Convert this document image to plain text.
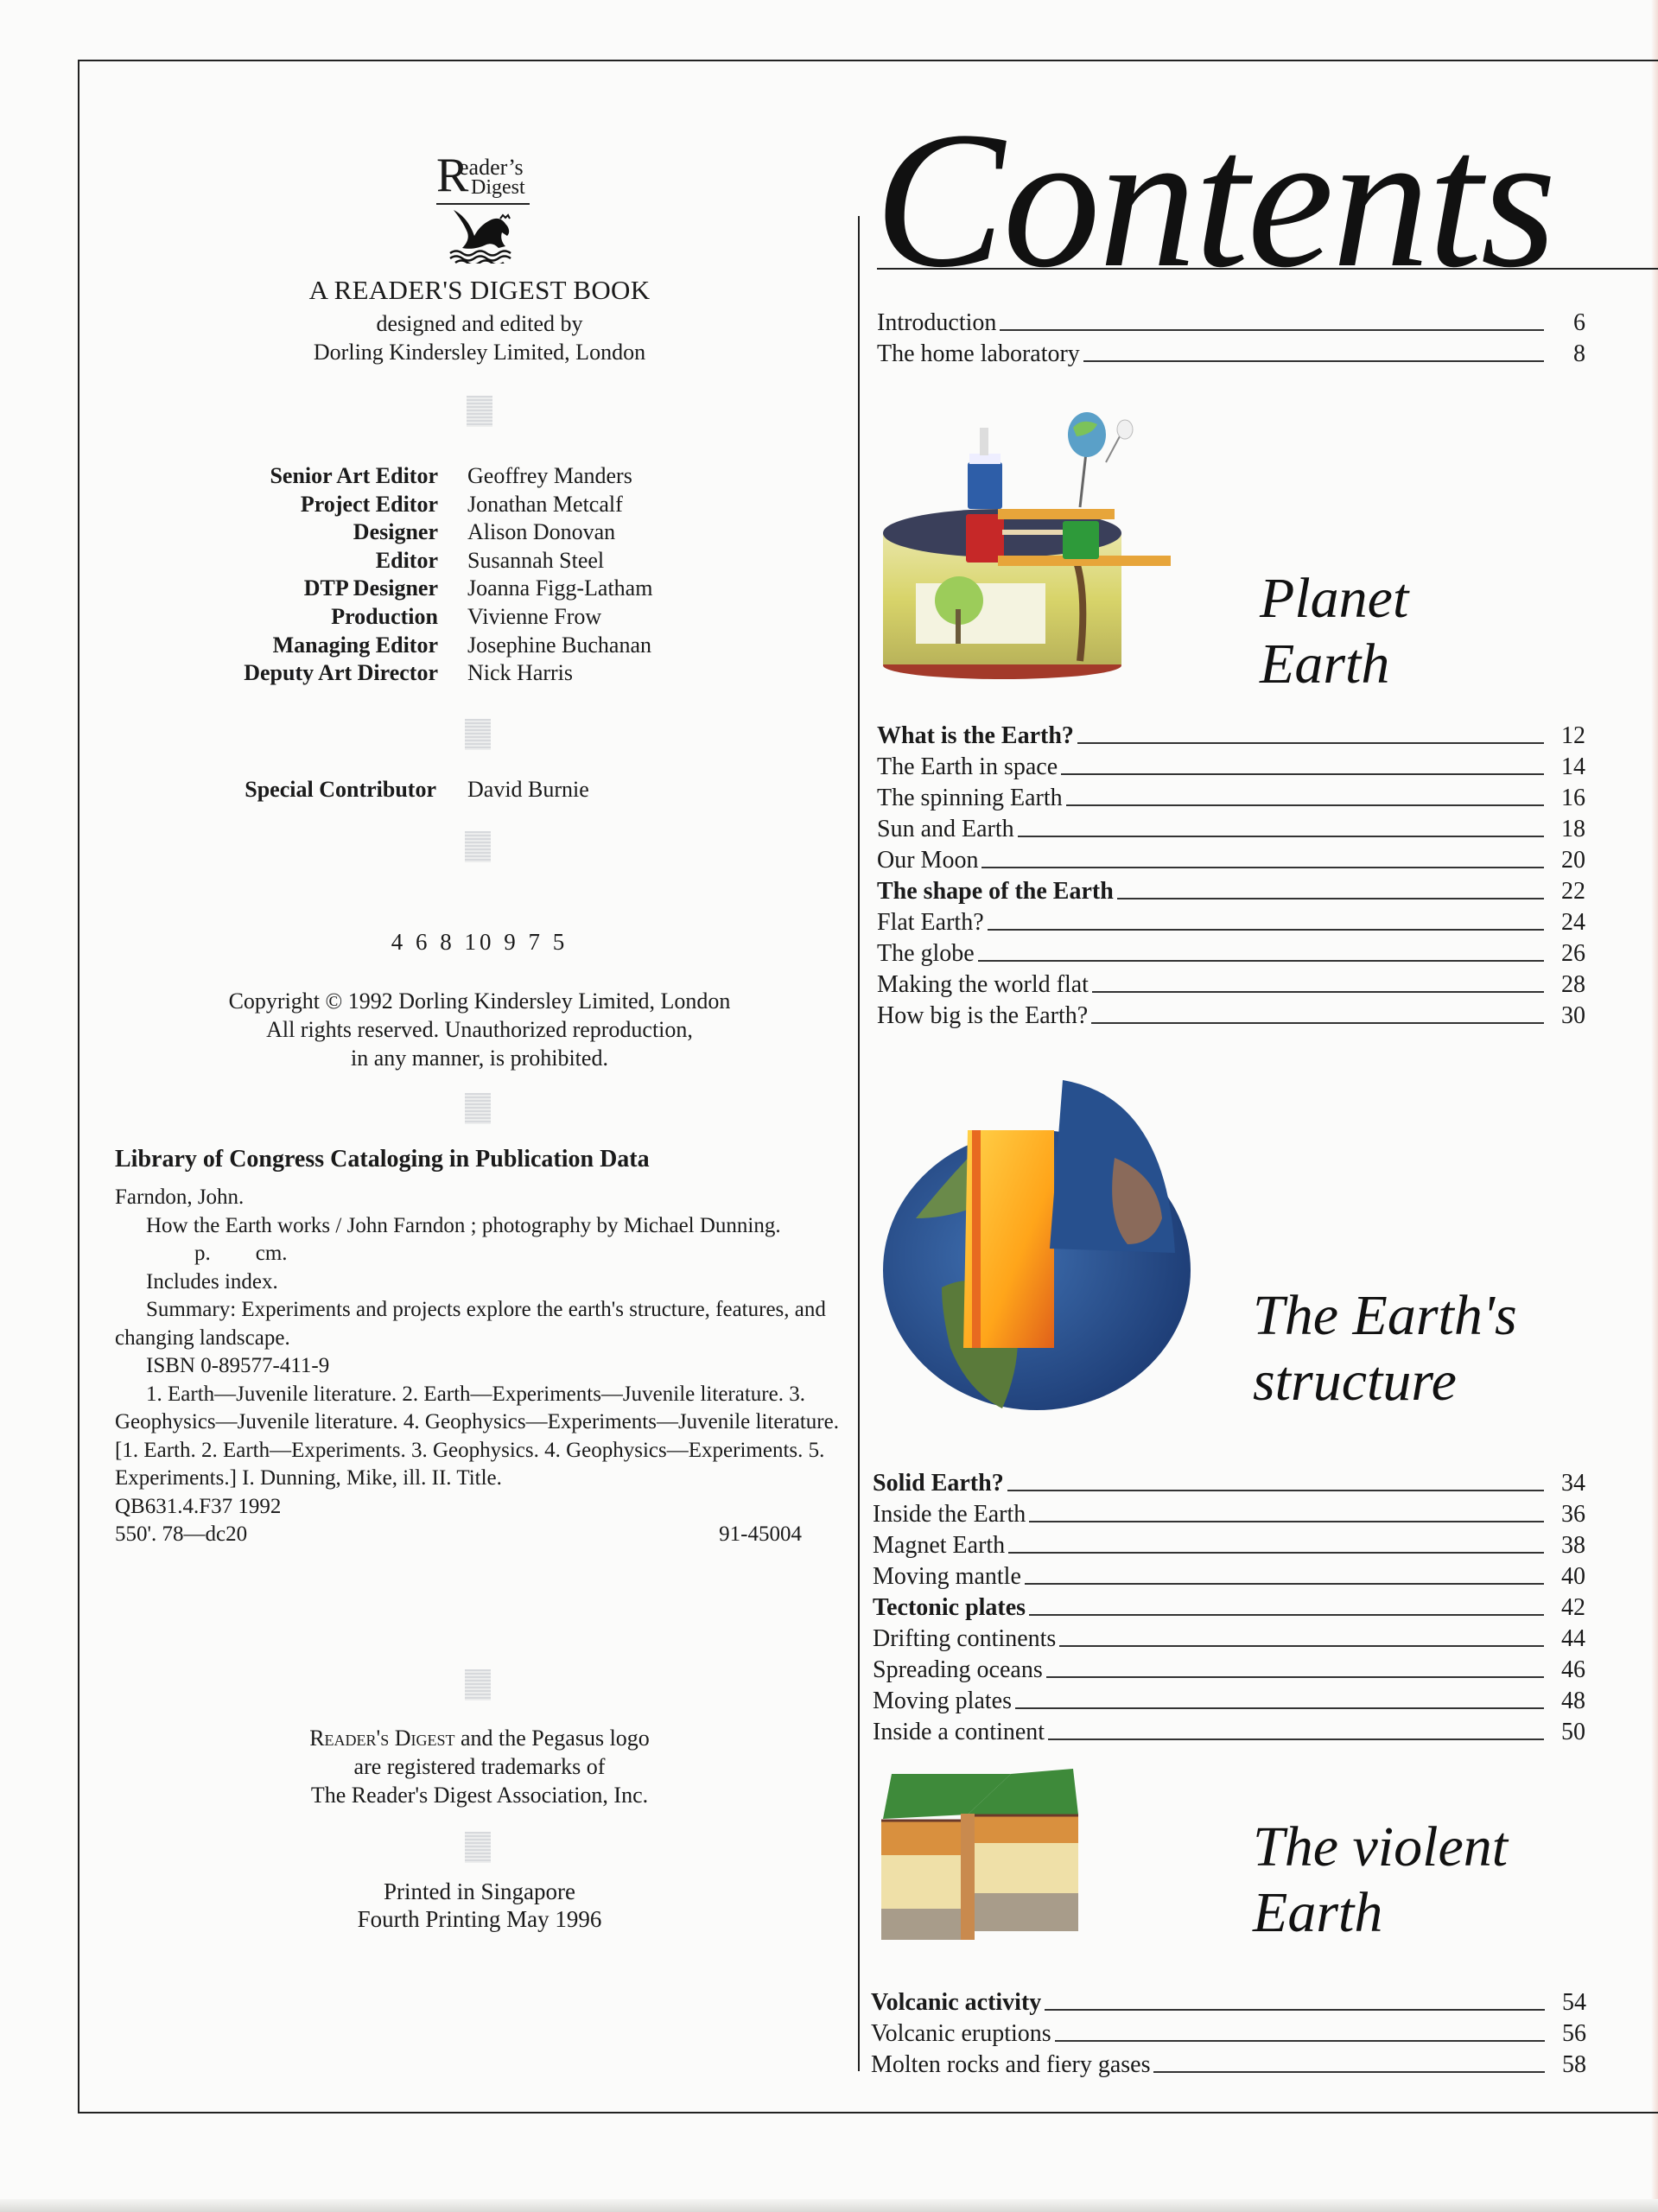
R
eader’s
Digest
A READER'S DIGEST BOOK
designed and edited by
Dorling Kindersley Limited, London
Senior Art Editor	Geoffrey Manders
Project Editor	Jonathan Metcalf
Designer	Alison Donovan
Editor	Susannah Steel
DTP Designer	Joanna Figg-Latham
Production	Vivienne Frow
Managing Editor	Josephine Buchanan
Deputy Art Director	Nick Harris
Special Contributor	David Burnie
4 6 8 10 9 7 5
Copyright © 1992 Dorling Kindersley Limited, London
All rights reserved. Unauthorized reproduction,
in any manner, is prohibited.
Library of Congress Cataloging in Publication Data

Farndon, John.

How the Earth works / John Farndon ; photography by Michael Dunning.

p. cm.

Includes index.

Summary: Experiments and projects explore the earth's structure, features, and changing landscape.

ISBN 0-89577-411-9

1. Earth—Juvenile literature. 2. Earth—Experiments—Juvenile literature. 3. Geophysics—Juvenile literature. 4. Geophysics—Experiments—Juvenile literature. [1. Earth. 2. Earth—Experiments. 3. Geophysics. 4. Geophysics—Experiments. 5. Experiments.] I. Dunning, Mike, ill. II. Title.

QB631.4.F37 1992

550'. 78—dc20	91-45004

Reader's Digest and the Pegasus logo
are registered trademarks of
The Reader's Digest Association, Inc.
Printed in Singapore
Fourth Printing May 1996
Contents
Introduction	6
The home laboratory	8
Planet
Earth
What is the Earth?	12
The Earth in space	14
The spinning Earth	16
Sun and Earth	18
Our Moon	20
The shape of the Earth	22
Flat Earth?	24
The globe	26
Making the world flat	28
How big is the Earth?	30
The Earth's
structure
Solid Earth?	34
Inside the Earth	36
Magnet Earth	38
Moving mantle	40
Tectonic plates	42
Drifting continents	44
Spreading oceans	46
Moving plates	48
Inside a continent	50
The violent
Earth
Volcanic activity	54
Volcanic eruptions	56
Molten rocks and fiery gases	58
